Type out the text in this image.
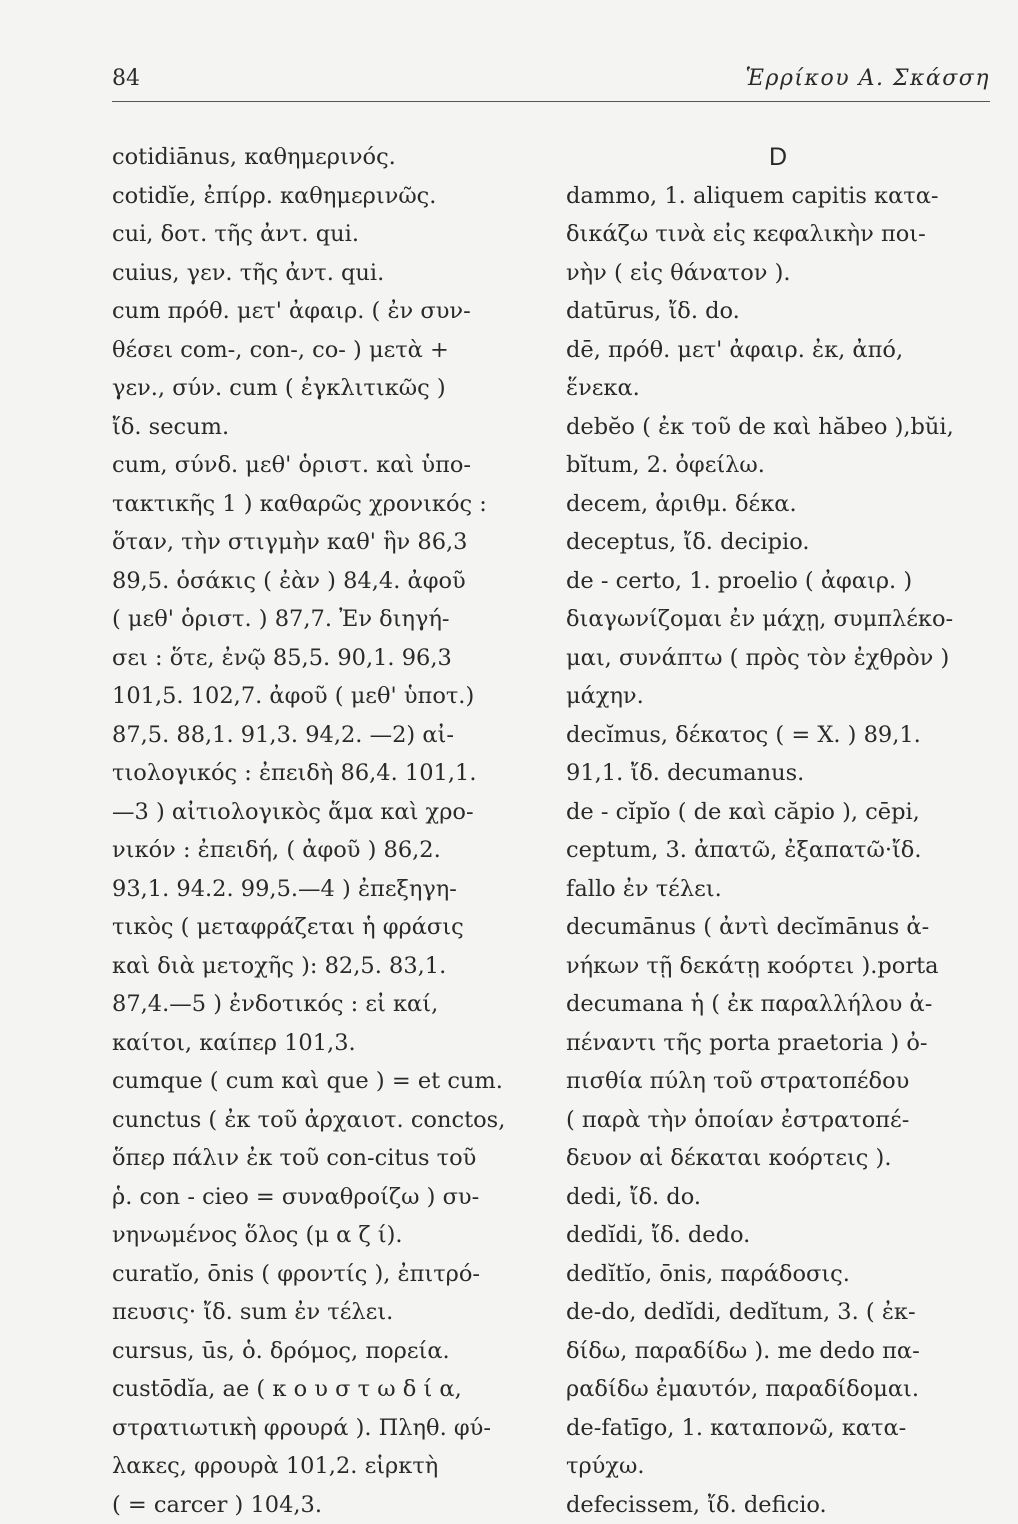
84	Ἑρρίκου Α. Σκάσση
cotidiānus, καθημερινός.
cotidĭe, ἐπίρρ. καθημερινῶς.
cui, δοτ. τῆς ἀντ. qui.
cuius, γεν. τῆς ἀντ. qui.
cum πρόθ. μετ' ἀφαιρ. ( ἐν συν-
θέσει com-, con-, co- ) μετὰ +
γεν., σύν. cum ( ἐγκλιτικῶς )
ἴδ. secum.
cum, σύνδ. μεθ' ὁριστ. καὶ ὑπο-
τακτικῆς 1 ) καθαρῶς χρονικός :
ὅταν, τὴν στιγμὴν καθ' ἣν 86,3
89,5. ὁσάκις ( ἐὰν ) 84,4. ἀφοῦ
( μεθ' ὁριστ. ) 87,7. Ἐν διηγή-
σει : ὅτε, ἐνῷ 85,5. 90,1. 96,3
101,5. 102,7. ἀφοῦ ( μεθ' ὑποτ.)
87,5. 88,1. 91,3. 94,2. —2) αἰ-
τιολογικός : ἐπειδὴ 86,4. 101,1.
—3 ) αἰτιολογικὸς ἅμα καὶ χρο-
νικόν : ἐπειδή, ( ἀφοῦ ) 86,2.
93,1. 94.2. 99,5.—4 ) ἐπεξηγη-
τικὸς ( μεταφράζεται ἡ φράσις
καὶ διὰ μετοχῆς ): 82,5. 83,1.
87,4.—5 ) ἐνδοτικός : εἰ καί,
καίτοι, καίπερ 101,3.
cumque ( cum καὶ que ) = et cum.
cunctus ( ἐκ τοῦ ἀρχαιοτ. conctos,
ὅπερ πάλιν ἐκ τοῦ con-citus τοῦ
ῥ. con - cieo = συναθροίζω ) συ-
νηνωμένος ὅλος (μ α ζ ί).
curatĭo, ōnis ( φροντίς ), ἐπιτρό-
πευσις· ἴδ. sum ἐν τέλει.
cursus, ūs, ὁ. δρόμος, πορεία.
custōdĭa, ae ( κ ο υ σ τ ω δ ί α,
στρατιωτικὴ φρουρά ). Πληθ. φύ-
λακες, φρουρὰ 101,2. εἱρκτὴ
( = carcer ) 104,3.
D
dammo, 1. aliquem capitis κατα-
δικάζω τινὰ εἰς κεφαλικὴν ποι-
νὴν ( εἰς θάνατον ).
datūrus, ἴδ. do.
dē, πρόθ. μετ' ἀφαιρ. ἐκ, ἀπό,
ἕνεκα.
debĕo ( ἐκ τοῦ de καὶ hăbeo ),bŭi,
bĭtum, 2. ὀφείλω.
decem, ἀριθμ. δέκα.
deceptus, ἴδ. decipio.
de - certo, 1. proelio ( ἀφαιρ. )
διαγωνίζομαι ἐν μάχῃ, συμπλέκο-
μαι, συνάπτω ( πρὸς τὸν ἐχθρὸν )
μάχην.
decĭmus, δέκατος ( = X. ) 89,1.
91,1. ἴδ. decumanus.
de - cĭpĭo ( de καὶ căpio ), cēpi,
ceptum, 3. ἀπατῶ, ἐξαπατῶ·ἴδ.
fallo ἐν τέλει.
decumānus ( ἀντὶ decĭmānus ἀ-
νήκων τῇ δεκάτῃ κοόρτει ).porta
decumana ἡ ( ἐκ παραλλήλου ἀ-
πέναντι τῆς porta praetoria ) ὀ-
πισθία πύλη τοῦ στρατοπέδου
( παρὰ τὴν ὁποίαν ἐστρατοπέ-
δευον αἱ δέκαται κοόρτεις ).
dedi, ἴδ. do.
dedĭdi, ἴδ. dedo.
dedĭtĭo, ōnis, παράδοσις.
de-do, dedĭdi, dedĭtum, 3. ( ἐκ-
δίδω, παραδίδω ). me dedo πα-
ραδίδω ἐμαυτόν, παραδίδομαι.
de-fatīgo, 1. καταπονῶ, κατα-
τρύχω.
defecissem, ἴδ. deficio.
